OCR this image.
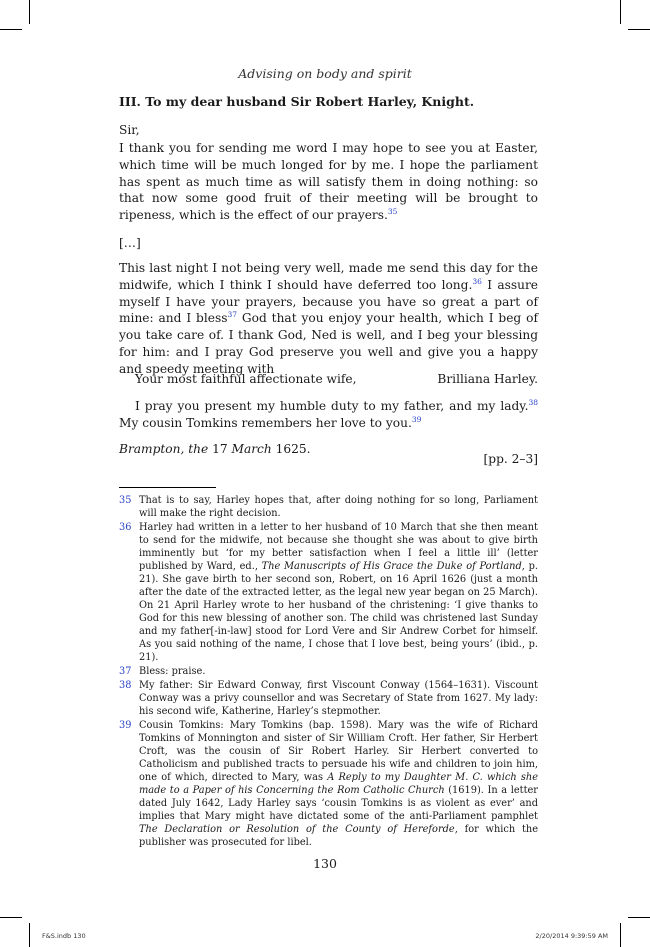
Advising on body and spirit
III. To my dear husband Sir Robert Harley, Knight.

Sir,

I thank you for sending me word I may hope to see you at Easter, which time will be much longed for by me. I hope the parliament has spent as much time as will satisfy them in doing nothing: so that now some good fruit of their meeting will be brought to ripeness, which is the effect of our prayers.$^{35}$

[…]

This last night I not being very well, made me send this day for the midwife, which I think I should have deferred too long.$^{36}$ I assure myself I have your prayers, because you have so great a part of mine: and I bless$^{37}$ God that you enjoy your health, which I beg of you take care of. I thank God, Ned is well, and I beg your blessing for him: and I pray God preserve you well and give you a happy and speedy meeting with

Your most faithful affectionate wife,	Brilliana Harley.

I pray you present my humble duty to my father, and my lady.$^{38}$ My cousin Tomkins remembers her love to you.$^{39}$

Brampton, the 17 March 1625.
[pp. 2–3]
35 That is to say, Harley hopes that, after doing nothing for so long, Parliament will make the right decision.
36 Harley had written in a letter to her husband of 10 March that she then meant to send for the midwife, not because she thought she was about to give birth imminently but ‘for my better satisfaction when I feel a little ill’ (letter published by Ward, ed., The Manuscripts of His Grace the Duke of Portland, p. 21). She gave birth to her second son, Robert, on 16 April 1626 (just a month after the date of the extracted letter, as the legal new year began on 25 March). On 21 April Harley wrote to her husband of the christening: ‘I give thanks to God for this new blessing of another son. The child was christened last Sunday and my father[-in-law] stood for Lord Vere and Sir Andrew Corbet for himself. As you said nothing of the name, I chose that I love best, being yours’ (ibid., p. 21).
37 Bless: praise.
38 My father: Sir Edward Conway, first Viscount Conway (1564–1631). Viscount Conway was a privy counsellor and was Secretary of State from 1627. My lady: his second wife, Katherine, Harley’s stepmother.
39 Cousin Tomkins: Mary Tomkins (bap. 1598). Mary was the wife of Richard Tomkins of Monnington and sister of Sir William Croft. Her father, Sir Herbert Croft, was the cousin of Sir Robert Harley. Sir Herbert converted to Catholicism and published tracts to persuade his wife and children to join him, one of which, directed to Mary, was A Reply to my Daughter M. C. which she made to a Paper of his Concerning the Rom Catholic Church (1619). In a letter dated July 1642, Lady Harley says ‘cousin Tomkins is as violent as ever’ and implies that Mary might have dictated some of the anti-Parliament pamphlet The Declaration or Resolution of the County of Herefordе, for which the publisher was prosecuted for libel.
130
F&S.indb 130	2/20/2014 9:39:59 AM
